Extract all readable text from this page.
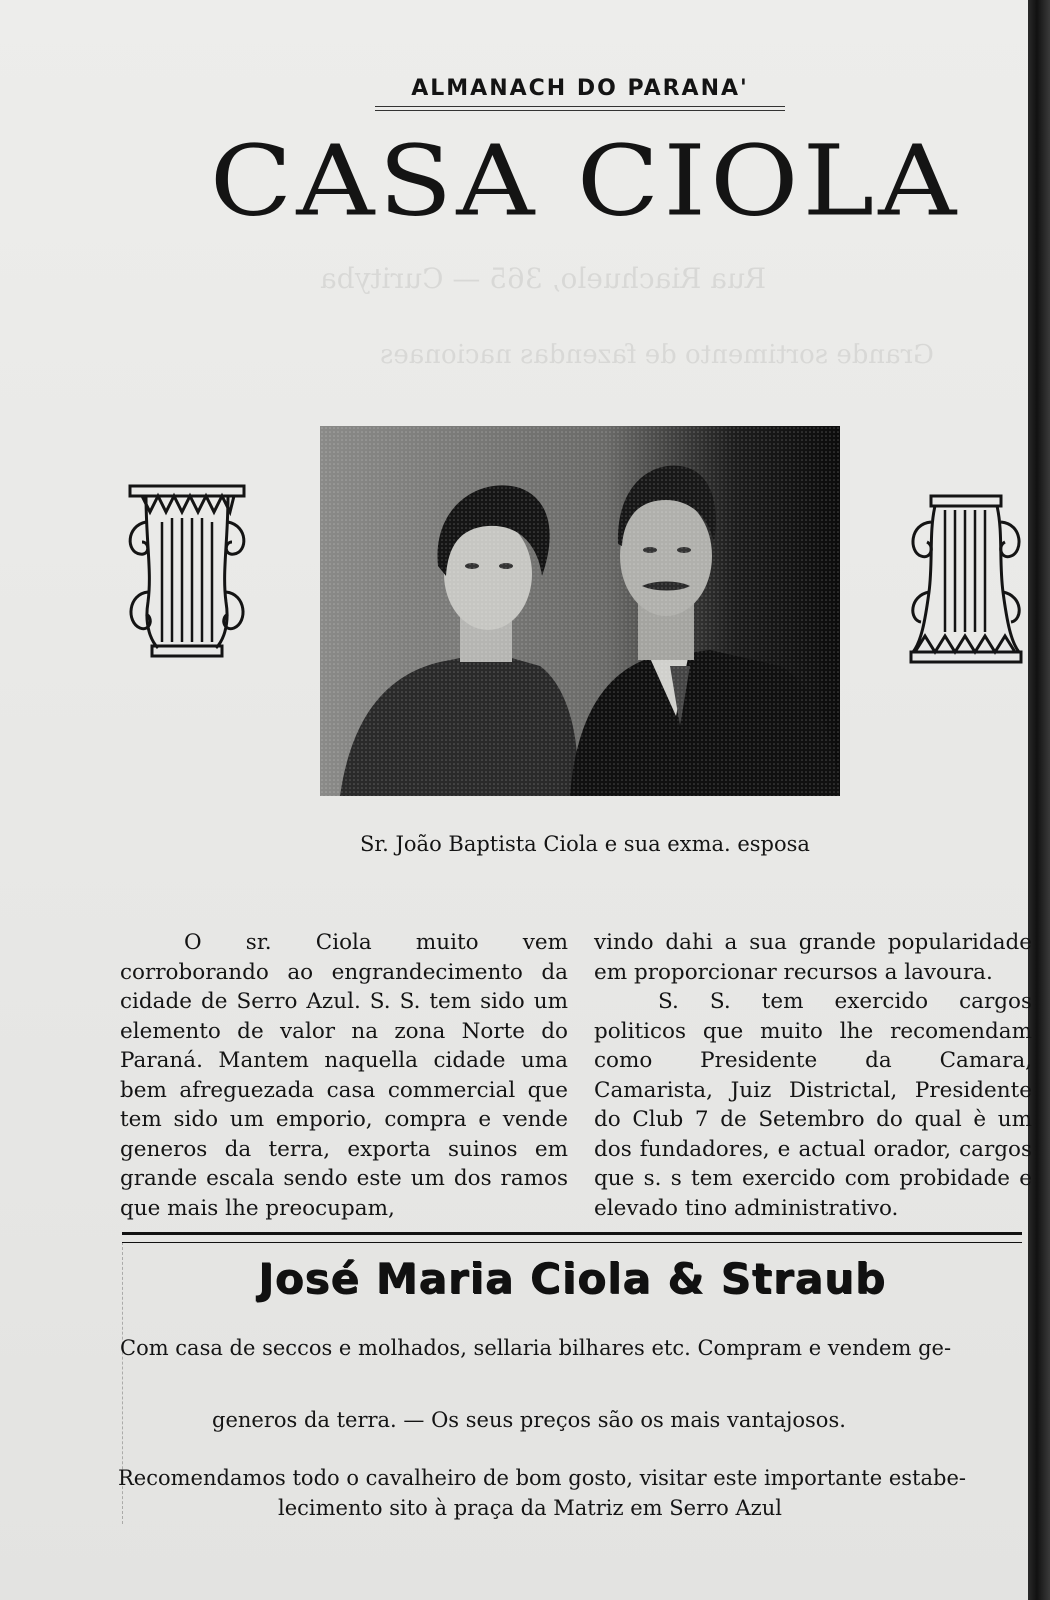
Rua Riachuelo, 365 — Curityba
Grande sortimento de fazendas nacionaes
ALMANACH DO PARANA'
CASA CIOLA
Sr. João Baptista Ciola e sua exma. esposa

O sr. Ciola muito vem corroborando ao engrandecimento da cidade de Serro Azul. S. S. tem sido um elemento de valor na zona Norte do Paraná. Mantem naquella cidade uma bem afreguezada casa commercial que tem sido um emporio, compra e vende generos da terra, exporta suinos em grande escala sendo este um dos ramos que mais lhe preocupam,

vindo dahi a sua grande popularidade em proporcionar recursos a lavoura.

S. S. tem exercido cargos politicos que muito lhe recomendam como Presidente da Camara, Camarista, Juiz Districtal, Presidente do Club 7 de Setembro do qual è um dos fundadores, e actual orador, cargos que s. s tem exercido com probidade e elevado tino administrativo.

José Maria Ciola & Straub
Com casa de seccos e molhados, sellaria bilhares etc. Compram e vendem ge-
generos da terra. — Os seus preços são os mais vantajosos.
Recomendamos todo o cavalheiro de bom gosto, visitar este importante estabe-
lecimento sito à praça da Matriz em Serro Azul
